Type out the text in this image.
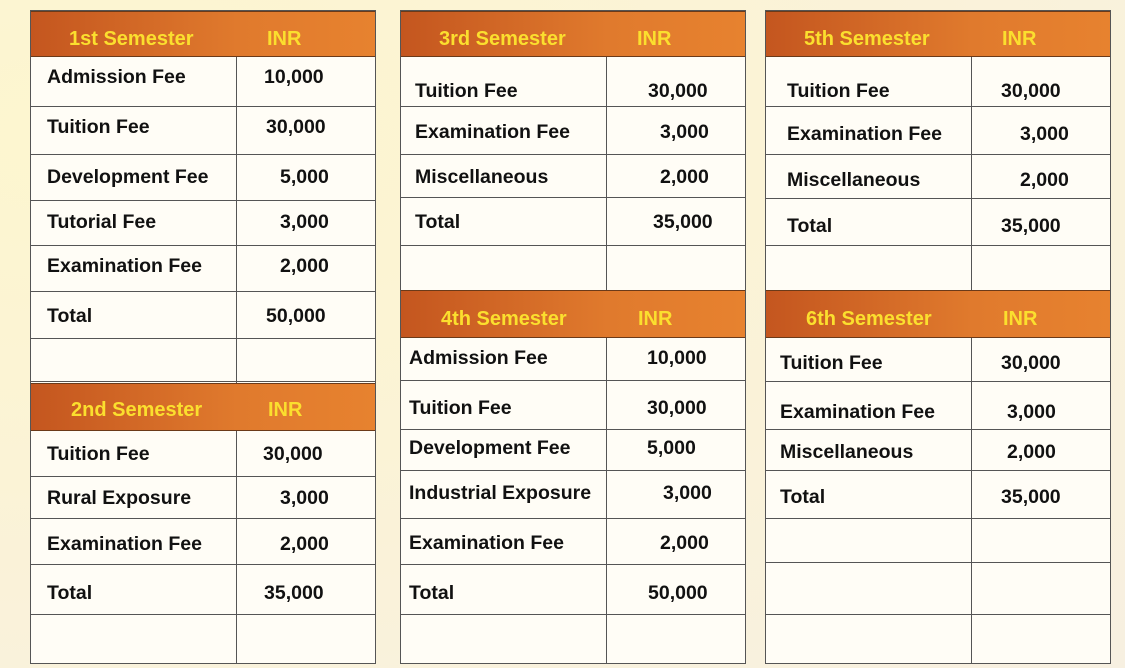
1st Semester	INR
Admission Fee	10,000
Tuition Fee	30,000
Development Fee	5,000
Tutorial Fee	3,000
Examination Fee	2,000
Total	50,000
2nd Semester	INR
Tuition Fee	30,000
Rural Exposure	3,000
Examination Fee	2,000
Total	35,000
3rd Semester	INR
Tuition Fee	30,000
Examination Fee	3,000
Miscellaneous	2,000
Total	35,000
4th Semester	INR
Admission Fee	10,000
Tuition Fee	30,000
Development Fee	5,000
Industrial Exposure	3,000
Examination Fee	2,000
Total	50,000
5th Semester	INR
Tuition Fee	30,000
Examination Fee	3,000
Miscellaneous	2,000
Total	35,000
6th Semester	INR
Tuition Fee	30,000
Examination Fee	3,000
Miscellaneous	2,000
Total	35,000
